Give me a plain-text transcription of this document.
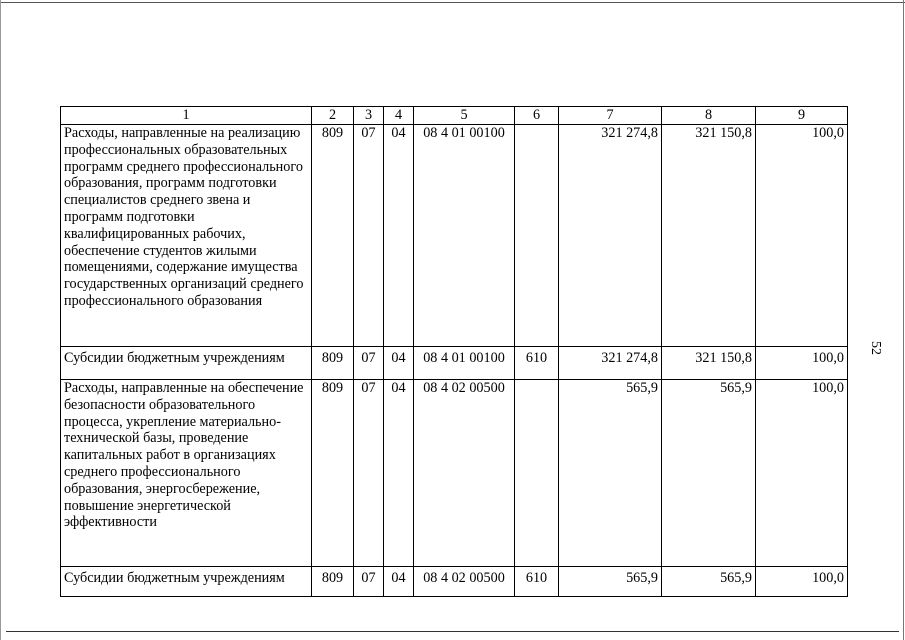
1	2	3	4	5	6	7	8	9
Расходы, направленные на реализацию профессиональных образовательных программ среднего профессионального образования, программ подготовки специалистов среднего звена и программ подготовки квалифицированных рабочих, обеспечение студентов жилыми помещениями, содержание имущества государственных организаций среднего профессионального образования	809	07	04	08 4 01 00100		321 274,8	321 150,8	100,0
Субсидии бюджетным учреждениям	809	07	04	08 4 01 00100	610	321 274,8	321 150,8	100,0
Расходы, направленные на обеспечение безопасности образовательного процесса, укрепление материально-технической базы, проведение капитальных работ в организациях среднего профессионального образования, энергосбережение, повышение энергетической эффективности	809	07	04	08 4 02 00500		565,9	565,9	100,0
Субсидии бюджетным учреждениям	809	07	04	08 4 02 00500	610	565,9	565,9	100,0
52
